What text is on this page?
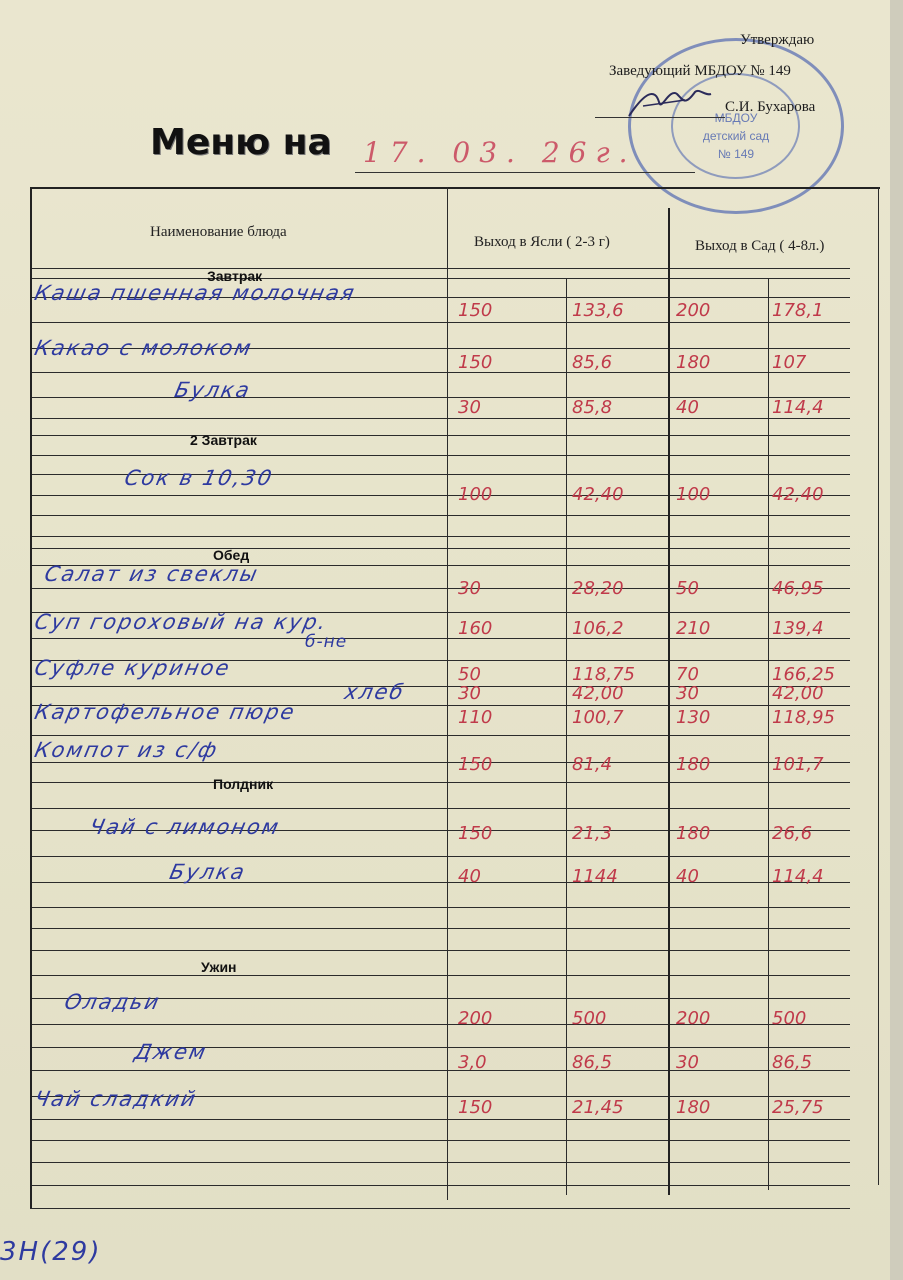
МБДОУ
детский сад
№ 149
Утверждаю
Заведующий МБДОУ № 149
С.И. Бухарова
Меню на 17. 03. 26г.
Наименование блюда
Выход в Ясли ( 2-3 г)	Выход в Сад ( 4-8л.)
Завтрак
2 Завтрак
Обед
Полдник
Ужин
Каша пшенная молочная
150	133,6	200	178,1
Какао с молоком
150	85,6	180	107
Булка
30	85,8	40	114,4
Сок в 10,30
100	42,40	100	42,40
Салат из свеклы
30	28,20	50	46,95
Суп гороховый на кур.
б-не
160	106,2	210	139,4
Суфле куриное	50	118,75 70	166,25
хлеб	30	42,00	30	42,00
Картофельное пюре	110	100,7	130	118,95
Компот из с/ф
150	81,4	180	101,7
Чай с лимоном	150	21,3	180	26,6
Булка	40	1144	40	114,4
Оладьи
200	500	200	500
Джем	3,0	86,5	30	86,5
Чай сладкий	150	21,45	180	25,75
3Н(29)
